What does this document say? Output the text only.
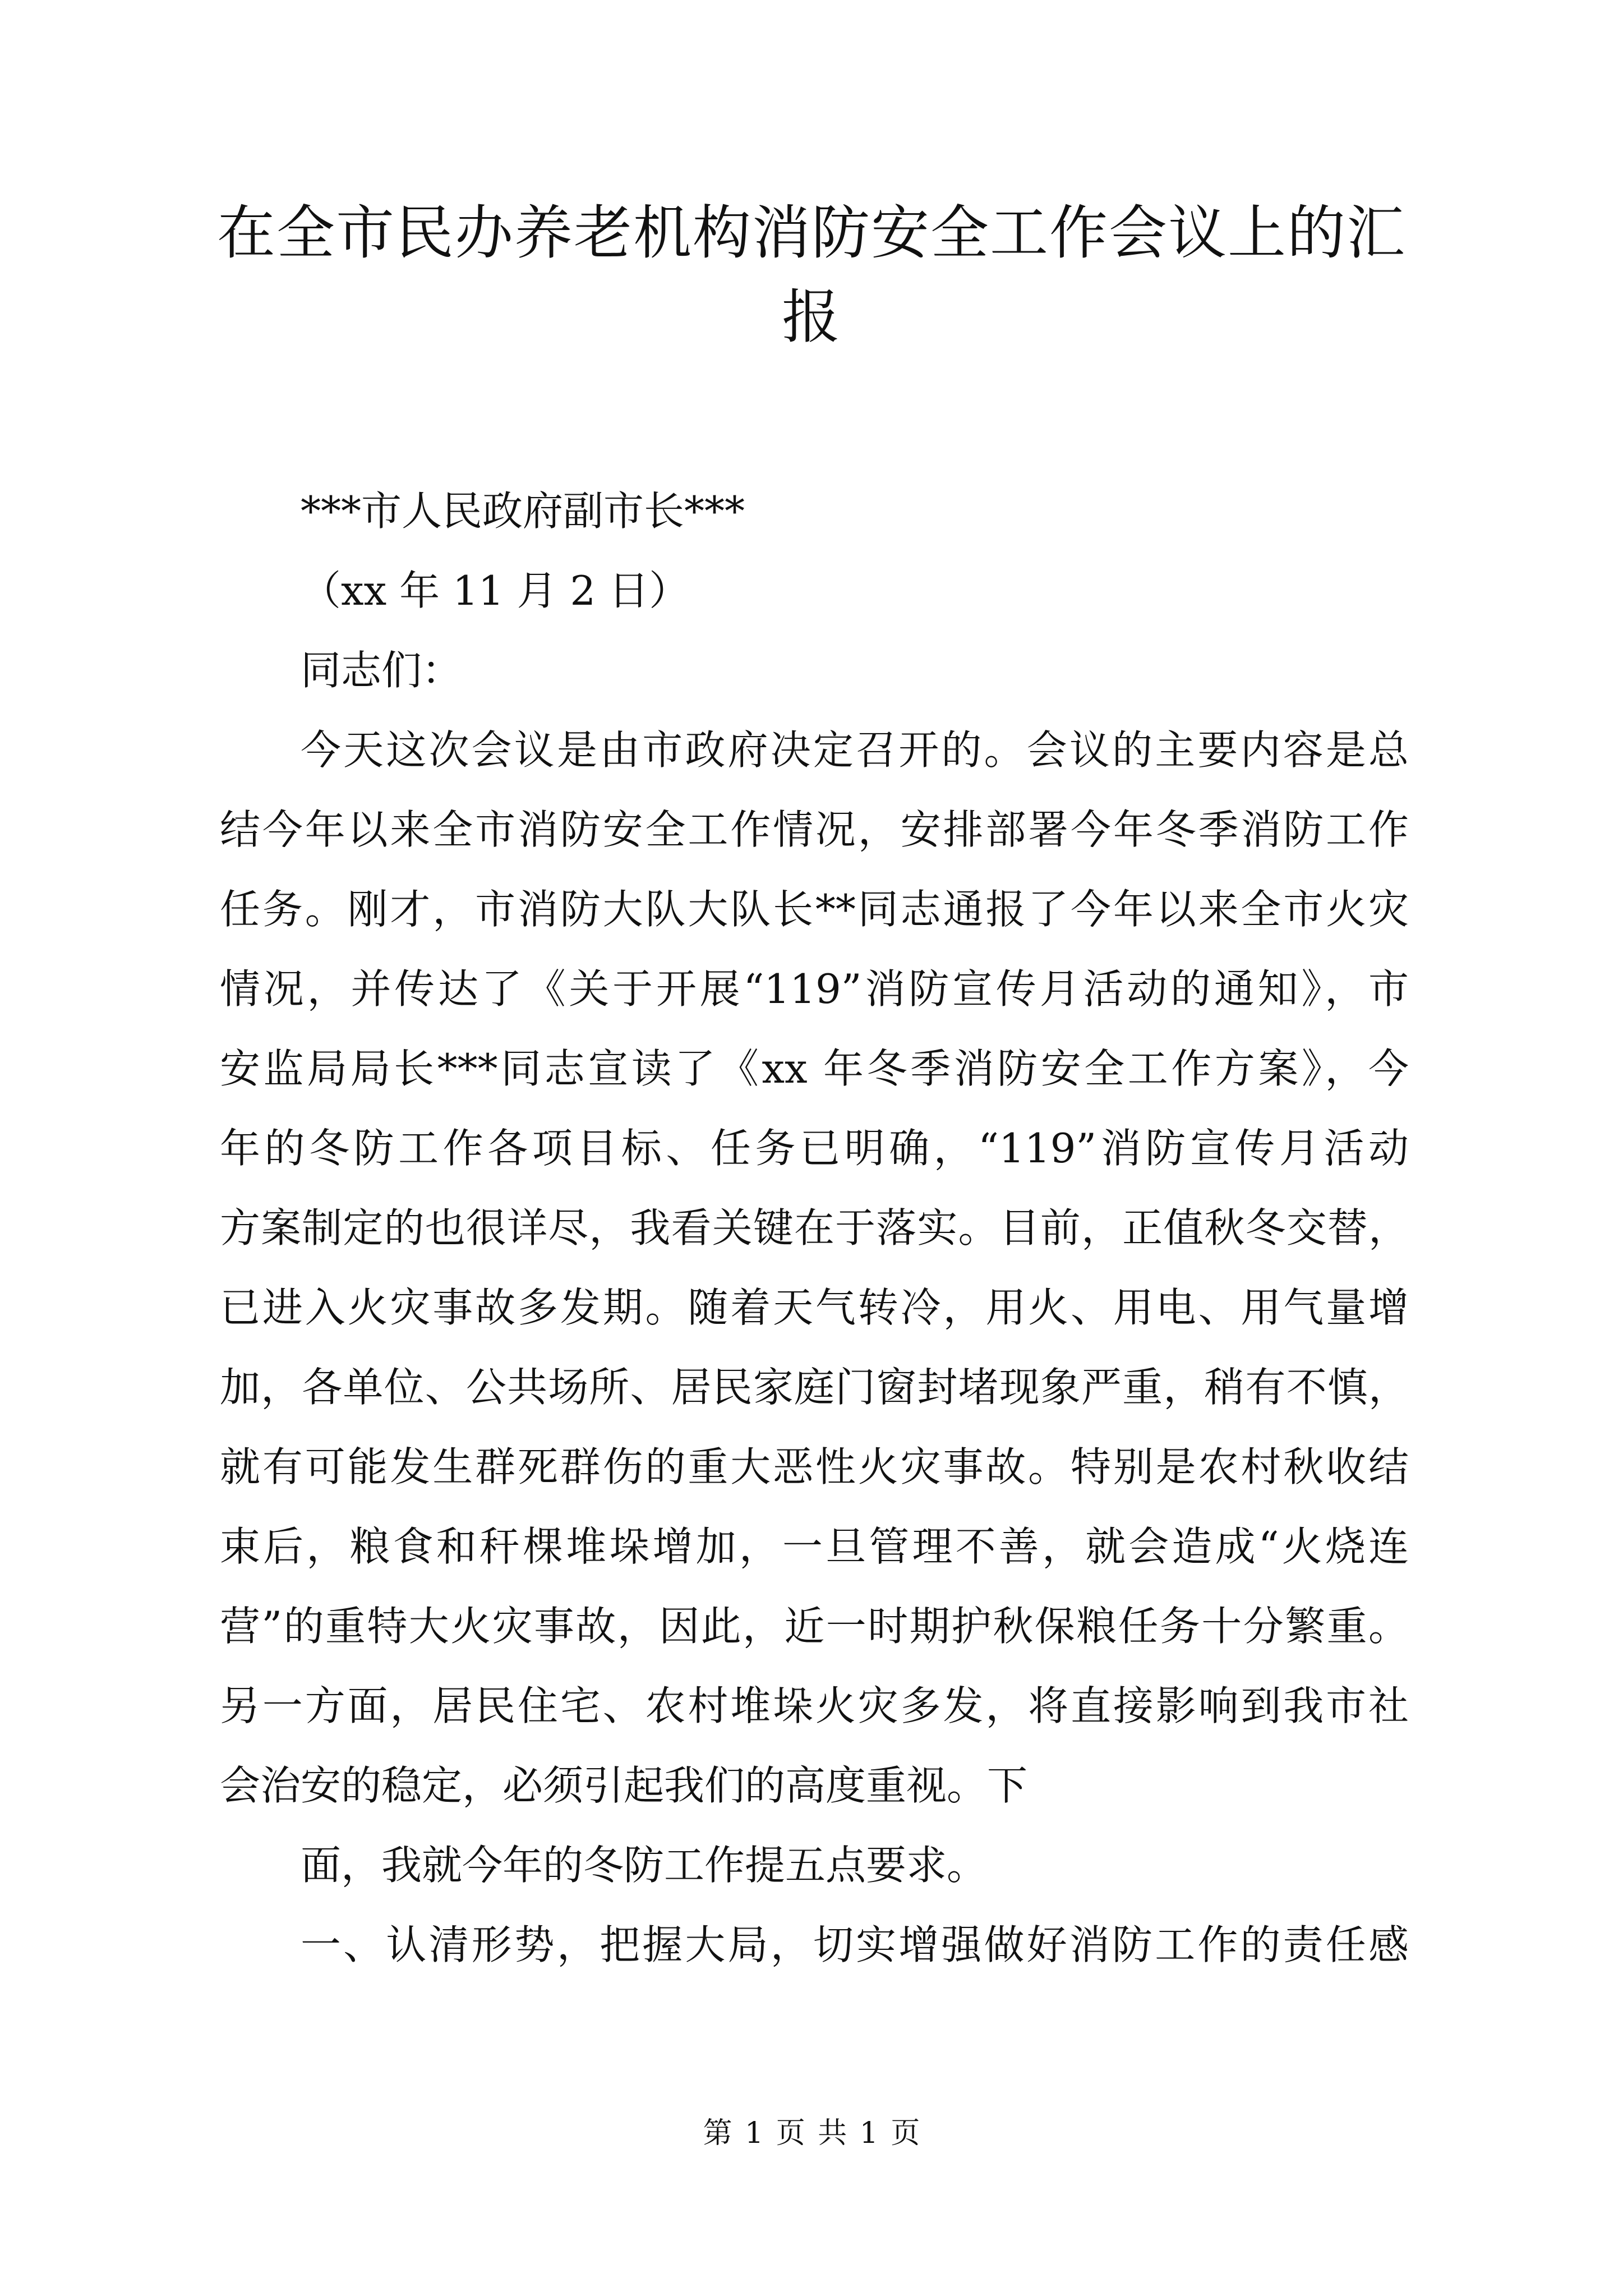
在全市民办养老机构消防安全工作会议上的汇报

***市人民政府副市长***

（xx 年 11 月 2 日）

同志们：

今天这次会议是由市政府决定召开的。会议的主要内容是总

结今年以来全市消防安全工作情况，安排部署今年冬季消防工作

任务。刚才，市消防大队大队长**同志通报了今年以来全市火灾

情况，并传达了《关于开展“119”消防宣传月活动的通知》，市

安监局局长***同志宣读了《xx 年冬季消防安全工作方案》，今

年的冬防工作各项目标、任务已明确，“119”消防宣传月活动

方案制定的也很详尽，我看关键在于落实。目前，正值秋冬交替，

已进入火灾事故多发期。随着天气转冷，用火、用电、用气量增

加，各单位、公共场所、居民家庭门窗封堵现象严重，稍有不慎，

就有可能发生群死群伤的重大恶性火灾事故。特别是农村秋收结

束后，粮食和秆棵堆垛增加，一旦管理不善，就会造成“火烧连

营”的重特大火灾事故，因此，近一时期护秋保粮任务十分繁重。

另一方面，居民住宅、农村堆垛火灾多发，将直接影响到我市社

会治安的稳定，必须引起我们的高度重视。下

面，我就今年的冬防工作提五点要求。

一、认清形势，把握大局，切实增强做好消防工作的责任感

第 1 页 共 1 页
